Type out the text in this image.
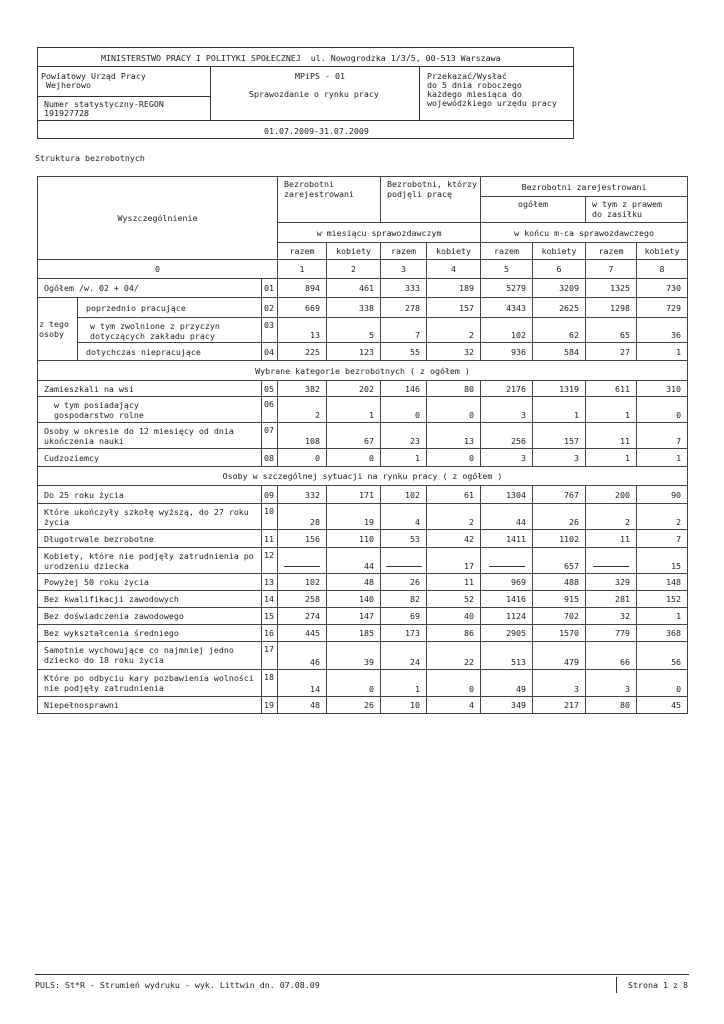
MINISTERSTWO PRACY I POLITYKI SPOŁECZNEJ  ul. Nowogrodzka 1/3/5, 00-513 Warszawa
Powiatowy Urząd Pracy
Wejherowo
MPiPS - 01
Sprawozdanie o rynku pracy
Przekazać/Wysłać
do 5 dnia roboczego
każdego miesiąca do
wojewódzkiego urzędu pracy
Numer statystyczny-REGON
191927728
01.07.2009-31.07.2009
Struktura bezrobotnych
Wyszczególnienie			Bezrobotni
zarejestrowani		Bezrobotni, którzy
podjęli pracę		Bezrobotni zarejestrowani			
							ogółem		w tym z prawem
do zasiłku	
			w miesiącu sprawozdawczym				w końcu m-ca sprawozdawczego			
			razem	kobiety	razem	kobiety	razem	kobiety	razem	kobiety
0			1	2	3	4	5	6	7	8
Ogółem /w. 02 + 04/		01	894	461	333	189	5279	3209	1325	730
z tego
osoby	poprzednio pracujące	02	669	338	278	157	4343	2625	1298	729
	w tym zwolnione z przyczyn
dotyczących zakładu pracy	03	13	5	7	2	102	62	65	36
	dotychczas niepracujące	04	225	123	55	32	936	584	27	1
Wybrane kategorie bezrobotnych ( z ogółem )										
Zamieszkali na wsi		05	382	202	146	80	2176	1319	611	310
w tym posiadający
gospodarstwo rolne		06	2	1	0	0	3	1	1	0
Osoby w okresie do 12 miesięcy od dnia
ukończenia nauki		07	108	67	23	13	256	157	11	7
Cudzoziemcy		08	0	0	1	0	3	3	1	1
Osoby w szczególnej sytuacji na rynku pracy ( z ogółem )										
Do 25 roku życia		09	332	171	102	61	1304	767	200	90
Które ukończyły szkołę wyższą, do 27 roku
życia		10	28	19	4	2	44	26	2	2
Długotrwale bezrobotne		11	156	110	53	42	1411	1102	11	7
Kobiety, które nie podjęły zatrudnienia po
urodzeniu dziecka		12		44		17		657		15
Powyżej 50 roku życia		13	102	48	26	11	969	488	329	148
Bez kwalifikacji zawodowych		14	258	140	82	52	1416	915	281	152
Bez doświadczenia zawodowego		15	274	147	69	40	1124	702	32	1
Bez wykształcenia średniego		16	445	185	173	86	2905	1570	779	368
Samotnie wychowujące co najmniej jedno
dziecko do 18 roku życia		17	46	39	24	22	513	479	66	56
Które po odbyciu kary pozbawienia wolności
nie podjęły zatrudnienia		18	14	0	1	0	49	3	3	0
Niepełnosprawni		19	48	26	10	4	349	217	80	45
PULS: St*R - Strumień wydruku - wyk. Littwin dn. 07.08.09	Strona 1 z 8
